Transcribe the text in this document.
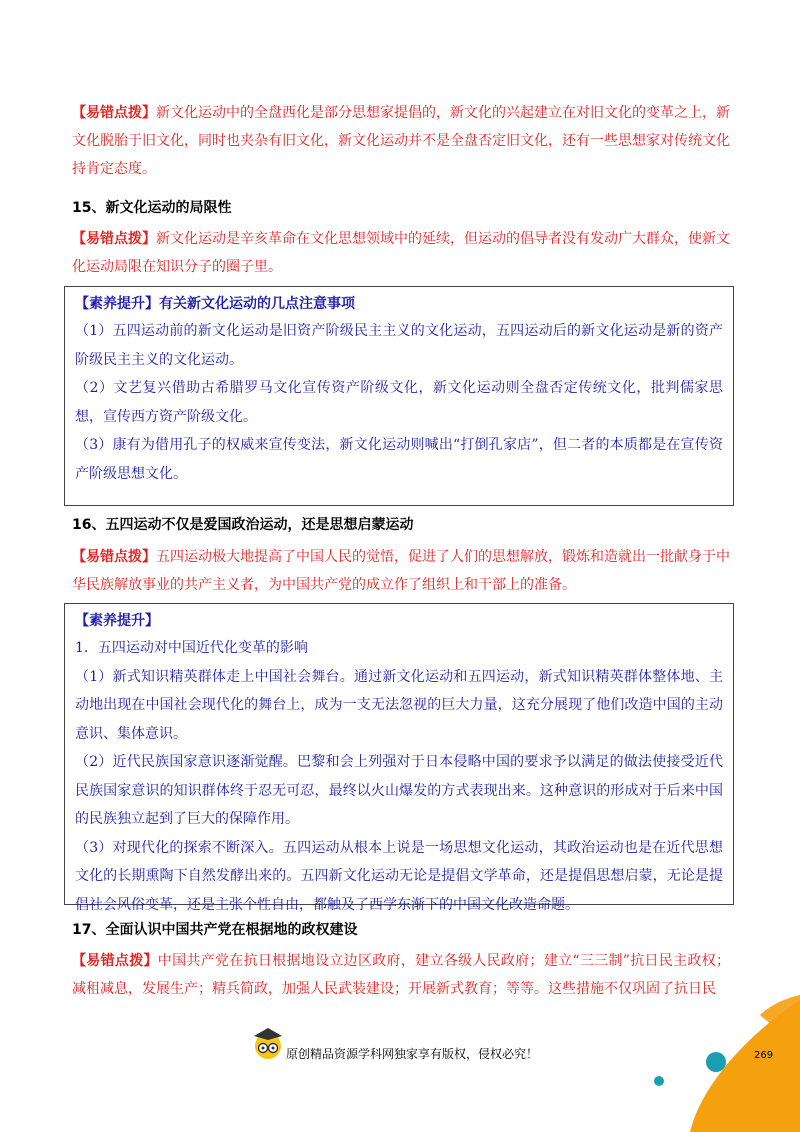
【易错点拨】新文化运动中的全盘西化是部分思想家提倡的，新文化的兴起建立在对旧文化的变革之上，新文化脱胎于旧文化，同时也夹杂有旧文化，新文化运动并不是全盘否定旧文化，还有一些思想家对传统文化持肯定态度。

15、新文化运动的局限性

【易错点拨】新文化运动是辛亥革命在文化思想领域中的延续，但运动的倡导者没有发动广大群众，使新文化运动局限在知识分子的圈子里。

【素养提升】有关新文化运动的几点注意事项

（1）五四运动前的新文化运动是旧资产阶级民主主义的文化运动，五四运动后的新文化运动是新的资产阶级民主主义的文化运动。

（2）文艺复兴借助古希腊罗马文化宣传资产阶级文化，新文化运动则全盘否定传统文化，批判儒家思想，宣传西方资产阶级文化。

（3）康有为借用孔子的权威来宣传变法，新文化运动则喊出“打倒孔家店”，但二者的本质都是在宣传资产阶级思想文化。

16、五四运动不仅是爱国政治运动，还是思想启蒙运动

【易错点拨】五四运动极大地提高了中国人民的觉悟，促进了人们的思想解放，锻炼和造就出一批献身于中华民族解放事业的共产主义者，为中国共产党的成立作了组织上和干部上的准备。

【素养提升】

1．五四运动对中国近代化变革的影响

（1）新式知识精英群体走上中国社会舞台。通过新文化运动和五四运动，新式知识精英群体整体地、主动地出现在中国社会现代化的舞台上，成为一支无法忽视的巨大力量，这充分展现了他们改造中国的主动意识、集体意识。

（2）近代民族国家意识逐渐觉醒。巴黎和会上列强对于日本侵略中国的要求予以满足的做法使接受近代民族国家意识的知识群体终于忍无可忍，最终以火山爆发的方式表现出来。这种意识的形成对于后来中国的民族独立起到了巨大的保障作用。

（3）对现代化的探索不断深入。五四运动从根本上说是一场思想文化运动，其政治运动也是在近代思想文化的长期熏陶下自然发酵出来的。五四新文化运动无论是提倡文学革命，还是提倡思想启蒙，无论是提倡社会风俗变革，还是主张个性自由，都触及了西学东渐下的中国文化改造命题。

17、全面认识中国共产党在根据地的政权建设

【易错点拨】中国共产党在抗日根据地设立边区政府，建立各级人民政府；建立“三三制”抗日民主政权；减租减息，发展生产；精兵简政，加强人民武装建设；开展新式教育；等等。这些措施不仅巩固了抗日民

原创精品资源学科网独家享有版权，侵权必究！	269
